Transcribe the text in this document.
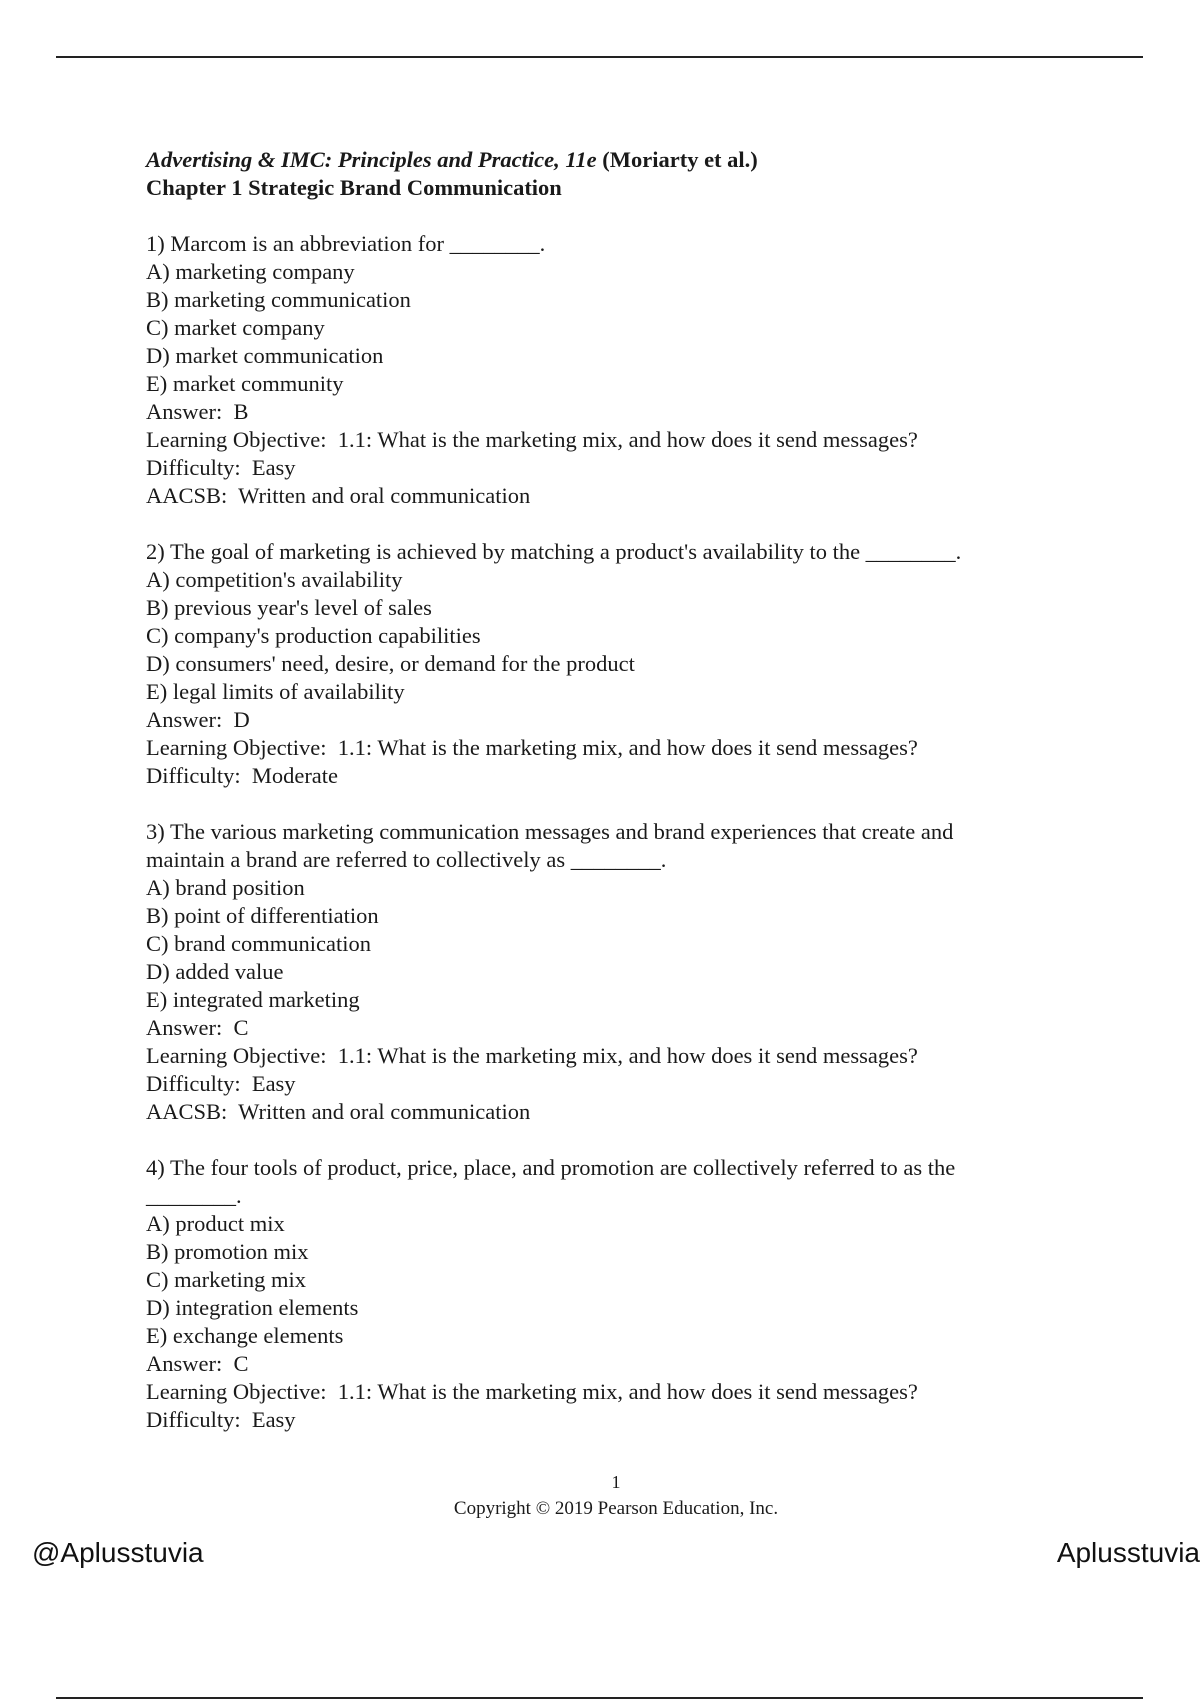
Advertising & IMC: Principles and Practice, 11e (Moriarty et al.)

Chapter 1 Strategic Brand Communication

1) Marcom is an abbreviation for ________.
A) marketing company
B) marketing communication
C) market company
D) market communication
E) market community
Answer:  B
Learning Objective:  1.1: What is the marketing mix, and how does it send messages?
Difficulty:  Easy
AACSB:  Written and oral communication
2) The goal of marketing is achieved by matching a product's availability to the ________.
A) competition's availability
B) previous year's level of sales
C) company's production capabilities
D) consumers' need, desire, or demand for the product
E) legal limits of availability
Answer:  D
Learning Objective:  1.1: What is the marketing mix, and how does it send messages?
Difficulty:  Moderate
3) The various marketing communication messages and brand experiences that create and
maintain a brand are referred to collectively as ________.
A) brand position
B) point of differentiation
C) brand communication
D) added value
E) integrated marketing
Answer:  C
Learning Objective:  1.1: What is the marketing mix, and how does it send messages?
Difficulty:  Easy
AACSB:  Written and oral communication
4) The four tools of product, price, place, and promotion are collectively referred to as the
________.
A) product mix
B) promotion mix
C) marketing mix
D) integration elements
E) exchange elements
Answer:  C
Learning Objective:  1.1: What is the marketing mix, and how does it send messages?
Difficulty:  Easy
1
Copyright © 2019 Pearson Education, Inc.
@Aplusstuvia	Aplusstuvia
